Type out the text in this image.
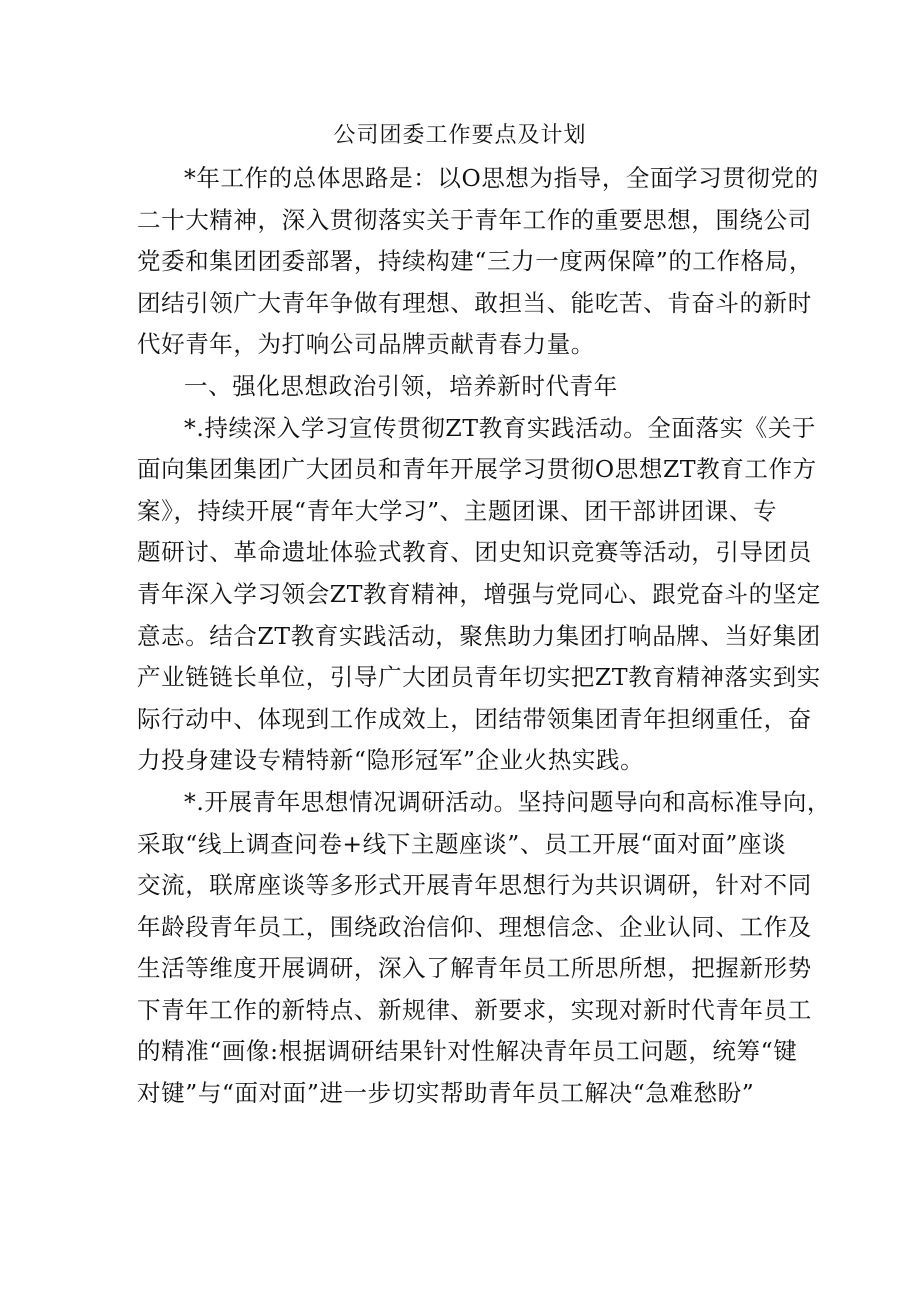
公司团委工作要点及计划
*年工作的总体思路是：以O思想为指导，全面学习贯彻党的
二十大精神，深入贯彻落实关于青年工作的重要思想，围绕公司
党委和集团团委部署，持续构建“三力一度两保障”的工作格局，
团结引领广大青年争做有理想、敢担当、能吃苦、肯奋斗的新时
代好青年，为打响公司品牌贡献青春力量。
一、强化思想政治引领，培养新时代青年
*.持续深入学习宣传贯彻ZT教育实践活动。全面落实《关于
面向集团集团广大团员和青年开展学习贯彻O思想ZT教育工作方
案》，持续开展“青年大学习”、主题团课、团干部讲团课、专
题研讨、革命遗址体验式教育、团史知识竞赛等活动，引导团员
青年深入学习领会ZT教育精神，增强与党同心、跟党奋斗的坚定
意志。结合ZT教育实践活动，聚焦助力集团打响品牌、当好集团
产业链链长单位，引导广大团员青年切实把ZT教育精神落实到实
际行动中、体现到工作成效上，团结带领集团青年担纲重任，奋
力投身建设专精特新“隐形冠军”企业火热实践。
*.开展青年思想情况调研活动。坚持问题导向和高标准导向，
采取“线上调查问卷+线下主题座谈”、员工开展“面对面”座谈
交流，联席座谈等多形式开展青年思想行为共识调研，针对不同
年龄段青年员工，围绕政治信仰、理想信念、企业认同、工作及
生活等维度开展调研，深入了解青年员工所思所想，把握新形势
下青年工作的新特点、新规律、新要求，实现对新时代青年员工
的精准“画像:根据调研结果针对性解决青年员工问题，统筹“键
对键”与“面对面”进一步切实帮助青年员工解决“急难愁盼”
